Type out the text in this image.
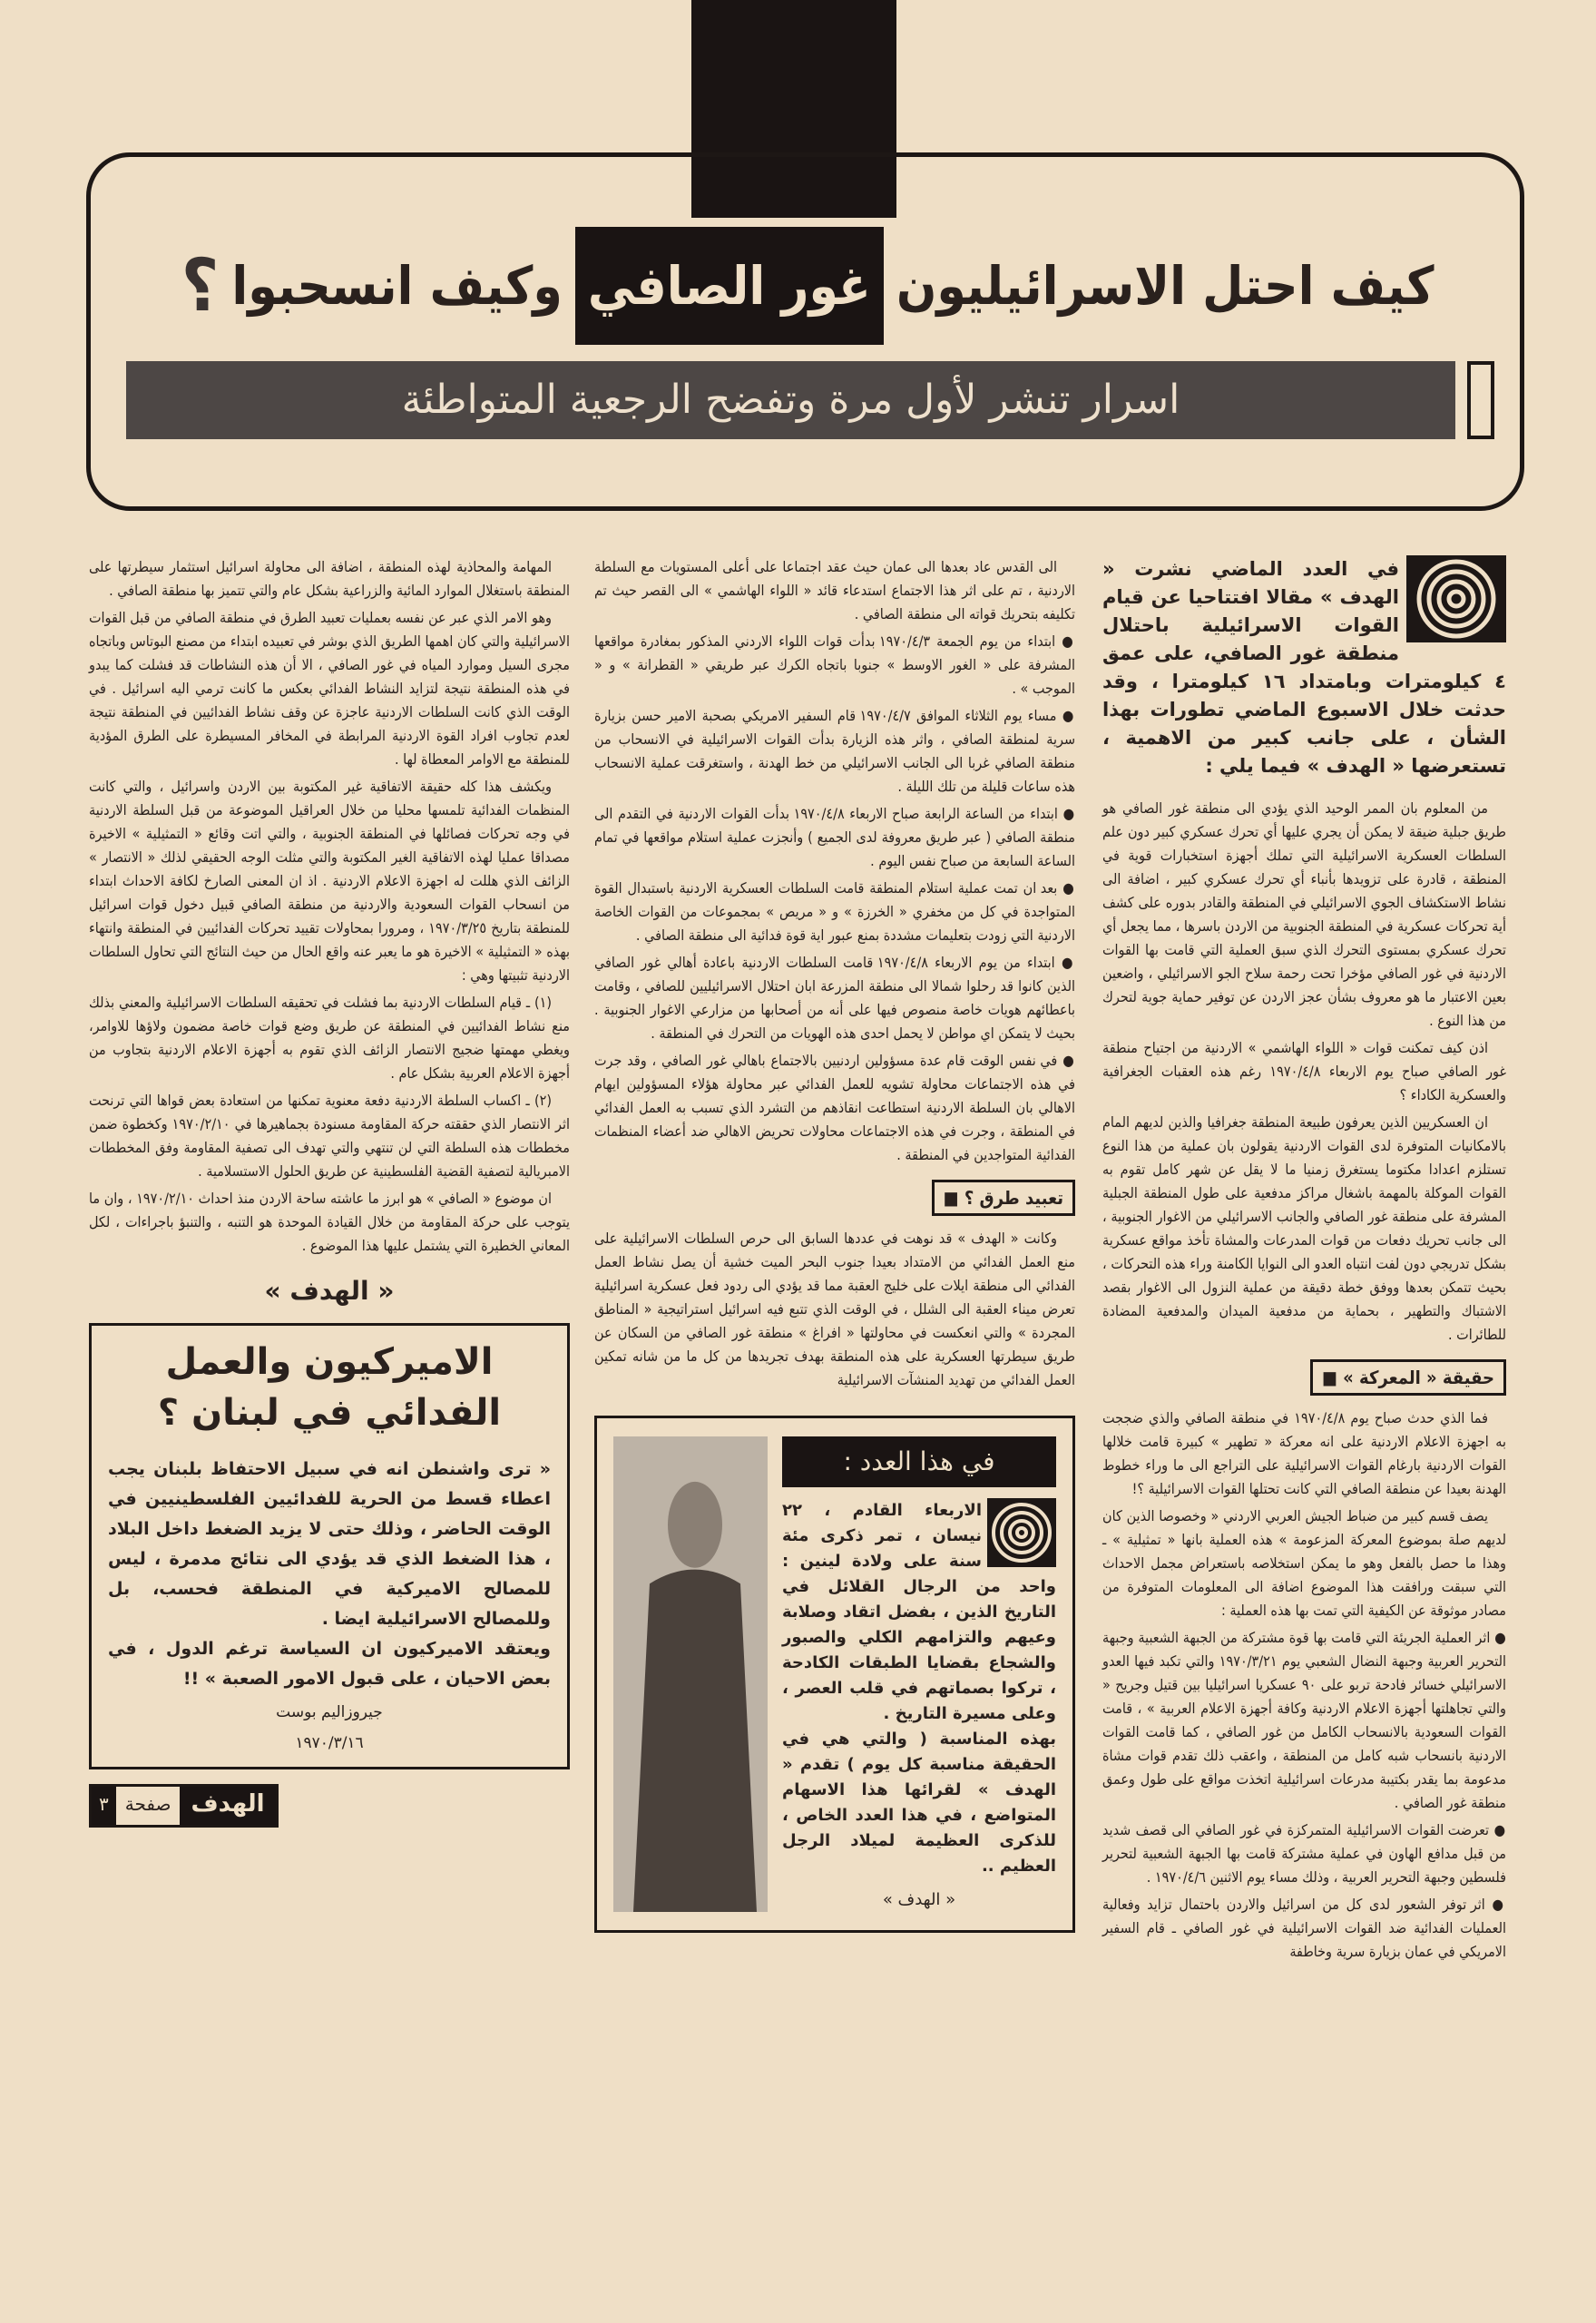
كيف احتل الاسرائيليون
غور الصافي
وكيف انسحبوا
؟
اسرار تنشر لأول مرة وتفضح الرجعية المتواطئة
في العدد الماضي نشرت « الهدف » مقالا افتتاحيا عن قيام القوات الاسرائيلية باحتلال منطقة غور الصافي، على عمق ٤ كيلومترات وبامتداد ١٦ كيلومترا ، وقد حدثت خلال الاسبوع الماضي تطورات بهذا الشأن ، على جانب كبير من الاهمية ، تستعرضها « الهدف » فيما يلي :

من المعلوم بان الممر الوحيد الذي يؤدي الى منطقة غور الصافي هو طريق جبلية ضيقة لا يمكن أن يجري عليها أي تحرك عسكري كبير دون علم السلطات العسكرية الاسرائيلية التي تملك أجهزة استخبارات قوية في المنطقة ، قادرة على تزويدها بأنباء أي تحرك عسكري كبير ، اضافة الى نشاط الاستكشاف الجوي الاسرائيلي في المنطقة والقادر بدوره على كشف أية تحركات عسكرية في المنطقة الجنوبية من الاردن باسرها ، مما يجعل أي تحرك عسكري بمستوى التحرك الذي سبق العملية التي قامت بها القوات الاردنية في غور الصافي مؤخرا تحت رحمة سلاح الجو الاسرائيلي ، واضعين بعين الاعتبار ما هو معروف بشأن عجز الاردن عن توفير حماية جوية لتحرك من هذا النوع .

اذن كيف تمكنت قوات « اللواء الهاشمي » الاردنية من اجتياح منطقة غور الصافي صباح يوم الاربعاء ١٩٧٠/٤/٨ رغم هذه العقبات الجغرافية والعسكرية الكاداء ؟

ان العسكريين الذين يعرفون طبيعة المنطقة جغرافيا والذين لديهم المام بالامكانيات المتوفرة لدى القوات الاردنية يقولون بان عملية من هذا النوع تستلزم اعدادا مكتوما يستغرق زمنيا ما لا يقل عن شهر كامل تقوم به القوات الموكلة بالمهمة باشغال مراكز مدفعية على طول المنطقة الجبلية المشرفة على منطقة غور الصافي والجانب الاسرائيلي من الاغوار الجنوبية ، الى جانب تحريك دفعات من قوات المدرعات والمشاة تأخذ مواقع عسكرية بشكل تدريجي دون لفت انتباه العدو الى النوايا الكامنة وراء هذه التحركات ، بحيث تتمكن بعدها ووفق خطة دقيقة من عملية النزول الى الاغوار بقصد الاشتباك والتطهير ، بحماية من مدفعية الميدان والمدفعية المضادة للطائرات .

حقيقة « المعركة » ■

فما الذي حدث صباح يوم ١٩٧٠/٤/٨ في منطقة الصافي والذي ضججت به اجهزة الاعلام الاردنية على انه معركة « تطهير » كبيرة قامت خلالها القوات الاردنية بارغام القوات الاسرائيلية على التراجع الى ما وراء خطوط الهدنة بعيدا عن منطقة الصافي التي كانت تحتلها القوات الاسرائيلية ؟!

يصف قسم كبير من ضباط الجيش العربي الاردني « وخصوصا الذين كان لديهم صلة بموضوع المعركة المزعومة » هذه العملية بانها « تمثيلية » ـ وهذا ما حصل بالفعل وهو ما يمكن استخلاصه باستعراض مجمل الاحداث التي سبقت ورافقت هذا الموضوع اضافة الى المعلومات المتوفرة من مصادر موثوقة عن الكيفية التي تمت بها هذه العملية :

● اثر العملية الجريئة التي قامت بها قوة مشتركة من الجبهة الشعبية وجبهة التحرير العربية وجبهة النضال الشعبي يوم ١٩٧٠/٣/٢١ والتي تكبد فيها العدو الاسرائيلي خسائر فادحة تربو على ٩٠ عسكريا اسرائيليا بين قتيل وجريح « والتي تجاهلتها أجهزة الاعلام الاردنية وكافة أجهزة الاعلام العربية » ، قامت القوات السعودية بالانسحاب الكامل من غور الصافي ، كما قامت القوات الاردنية بانسحاب شبه كامل من المنطقة ، واعقب ذلك تقدم قوات مشاة مدعومة بما يقدر بكتيبة مدرعات اسرائيلية اتخذت مواقع على طول وعمق منطقة غور الصافي .

● تعرضت القوات الاسرائيلية المتمركزة في غور الصافي الى قصف شديد من قبل مدافع الهاون في عملية مشتركة قامت بها الجبهة الشعبية لتحرير فلسطين وجبهة التحرير العربية ، وذلك مساء يوم الاثنين ١٩٧٠/٤/٦ .

● اثر توفر الشعور لدى كل من اسرائيل والاردن باحتمال تزايد وفعالية العمليات الفدائية ضد القوات الاسرائيلية في غور الصافي ـ قام السفير الامريكي في عمان بزيارة سرية وخاطفة

الى القدس عاد بعدها الى عمان حيث عقد اجتماعا على أعلى المستويات مع السلطة الاردنية ، تم على اثر هذا الاجتماع استدعاء قائد « اللواء الهاشمي » الى القصر حيث تم تكليفه بتحريك قواته الى منطقة الصافي .

● ابتداء من يوم الجمعة ١٩٧٠/٤/٣ بدأت قوات اللواء الاردني المذكور بمغادرة مواقعها المشرفة على « الغور الاوسط » جنوبا باتجاه الكرك عبر طريقي « القطرانة » و « الموجب » .

● مساء يوم الثلاثاء الموافق ١٩٧٠/٤/٧ قام السفير الامريكي بصحبة الامير حسن بزيارة سرية لمنطقة الصافي ، واثر هذه الزيارة بدأت القوات الاسرائيلية في الانسحاب من منطقة الصافي غربا الى الجانب الاسرائيلي من خط الهدنة ، واستغرقت عملية الانسحاب هذه ساعات قليلة من تلك الليلة .

● ابتداء من الساعة الرابعة صباح الاربعاء ١٩٧٠/٤/٨ بدأت القوات الاردنية في التقدم الى منطقة الصافي ( عبر طريق معروفة لدى الجميع ) وأنجزت عملية استلام مواقعها في تمام الساعة السابعة من صباح نفس اليوم .

● بعد ان تمت عملية استلام المنطقة قامت السلطات العسكرية الاردنية باستبدال القوة المتواجدة في كل من مخفري « الخرزة » و « مريص » بمجموعات من القوات الخاصة الاردنية التي زودت بتعليمات مشددة بمنع عبور اية قوة فدائية الى منطقة الصافي .

● ابتداء من يوم الاربعاء ١٩٧٠/٤/٨ قامت السلطات الاردنية باعادة أهالي غور الصافي الذين كانوا قد رحلوا شمالا الى منطقة المزرعة ابان احتلال الاسرائيليين للصافي ، وقامت باعطائهم هويات خاصة منصوص فيها على أنه من أصحابها من مزارعي الاغوار الجنوبية . بحيث لا يتمكن اي مواطن لا يحمل احدى هذه الهويات من التحرك في المنطقة .

● في نفس الوقت قام عدة مسؤولين اردنيين بالاجتماع باهالي غور الصافي ، وقد جرت في هذه الاجتماعات محاولة تشويه للعمل الفدائي عبر محاولة هؤلاء المسؤولين ايهام الاهالي بان السلطة الاردنية استطاعت انقاذهم من التشرد الذي تسبب به العمل الفدائي في المنطقة ، وجرت في هذه الاجتماعات محاولات تحريض الاهالي ضد أعضاء المنظمات الفدائية المتواجدين في المنطقة .

تعبيد طرق ؟ ■

وكانت « الهدف » قد نوهت في عددها السابق الى حرص السلطات الاسرائيلية على منع العمل الفدائي من الامتداد بعيدا جنوب البحر الميت خشية أن يصل نشاط العمل الفدائي الى منطقة ايلات على خليج العقبة مما قد يؤدي الى ردود فعل عسكرية اسرائيلية تعرض ميناء العقبة الى الشلل ، في الوقت الذي تتبع فيه اسرائيل استراتيجية « المناطق المجردة » والتي انعكست في محاولتها « افراغ » منطقة غور الصافي من السكان عن طريق سيطرتها العسكرية على هذه المنطقة بهدف تجريدها من كل ما من شانه تمكين العمل الفدائي من تهديد المنشآت الاسرائيلية

في هذا العدد :
الاربعاء القادم ، ٢٢ نيسان ، تمر ذكرى مئة سنة على ولادة لينين : واحد من الرجال القلائل في التاريخ الذين ، بفضل اتقاد وصلابة وعيهم والتزامهم الكلي والصبور والشجاع بقضايا الطبقات الكادحة ، تركوا بصماتهم في قلب العصر ، وعلى مسيرة التاريخ .
بهذه المناسبة ( والتي هي في الحقيقة مناسبة كل يوم ) تقدم « الهدف » لقرائها هذا الاسهام المتواضع ، في هذا العدد الخاص ، للذكرى العظيمة لميلاد الرجل العظيم ..
« الهدف »

المهامة والمحاذية لهذه المنطقة ، اضافة الى محاولة اسرائيل استثمار سيطرتها على المنطقة باستغلال الموارد المائية والزراعية بشكل عام والتي تتميز بها منطقة الصافي .

وهو الامر الذي عبر عن نفسه بعمليات تعبيد الطرق في منطقة الصافي من قبل القوات الاسرائيلية والتي كان اهمها الطريق الذي بوشر في تعبيده ابتداء من مصنع البوتاس وباتجاه مجرى السيل وموارد المياه في غور الصافي ، الا أن هذه النشاطات قد فشلت كما يبدو في هذه المنطقة نتيجة لتزايد النشاط الفدائي بعكس ما كانت ترمي اليه اسرائيل . في الوقت الذي كانت السلطات الاردنية عاجزة عن وقف نشاط الفدائيين في المنطقة نتيجة لعدم تجاوب افراد القوة الاردنية المرابطة في المخافر المسيطرة على الطرق المؤدية للمنطقة مع الاوامر المعطاة لها .

ويكشف هذا كله حقيقة الاتفاقية غير المكتوبة بين الاردن واسرائيل ، والتي كانت المنظمات الفدائية تلمسها محليا من خلال العراقيل الموضوعة من قبل السلطة الاردنية في وجه تحركات فصائلها في المنطقة الجنوبية ، والتي اتت وقائع « التمثيلية » الاخيرة مصداقا عمليا لهذه الاتفاقية الغير المكتوبة والتي مثلت الوجه الحقيقي لذلك « الانتصار » الزائف الذي هللت له اجهزة الاعلام الاردنية . اذ ان المعنى الصارخ لكافة الاحداث ابتداء من انسحاب القوات السعودية والاردنية من منطقة الصافي قبيل دخول قوات اسرائيل للمنطقة بتاريخ ١٩٧٠/٣/٢٥ ، ومرورا بمحاولات تقييد تحركات الفدائيين في المنطقة وانتهاء بهذه « التمثيلية » الاخيرة هو ما يعبر عنه واقع الحال من حيث النتائج التي تحاول السلطات الاردنية تثبيتها وهي :

(١) ـ قيام السلطات الاردنية بما فشلت في تحقيقه السلطات الاسرائيلية والمعني بذلك منع نشاط الفدائيين في المنطقة عن طريق وضع قوات خاصة مضمون ولاؤها للاوامر، ويغطي مهمتها ضجيج الانتصار الزائف الذي تقوم به أجهزة الاعلام الاردنية بتجاوب من أجهزة الاعلام العربية بشكل عام .

(٢) ـ اكساب السلطة الاردنية دفعة معنوية تمكنها من استعادة بعض قواها التي ترنحت اثر الانتصار الذي حققته حركة المقاومة مسنودة بجماهيرها في ١٩٧٠/٢/١٠ وكخطوة ضمن مخططات هذه السلطة التي لن تنتهي والتي تهدف الى تصفية المقاومة وفق المخططات الامبريالية لتصفية القضية الفلسطينية عن طريق الحلول الاستسلامية .

ان موضوع « الصافي » هو ابرز ما عاشته ساحة الاردن منذ احداث ١٩٧٠/٢/١٠ ، وان ما يتوجب على حركة المقاومة من خلال القيادة الموحدة هو التنبه ، والتنبؤ باجراءات ، لكل المعاني الخطيرة التي يشتمل عليها هذا الموضوع .

« الهدف »
الاميركيون والعمل الفدائي في لبنان ؟
« ترى واشنطن انه في سبيل الاحتفاظ بلبنان يجب اعطاء قسط من الحرية للفدائيين الفلسطينيين في الوقت الحاضر ، وذلك حتى لا يزيد الضغط داخل البلاد ، هذا الضغط الذي قد يؤدي الى نتائج مدمرة ، ليس للمصالح الاميركية في المنطقة فحسب، بل وللمصالح الاسرائيلية ايضا .
ويعتقد الاميركيون ان السياسة ترغم الدول ، في بعض الاحيان ، على قبول الامور الصعبة » !!
جيروزاليم بوست
١٩٧٠/٣/١٦
الهدف
صفحة
٣
